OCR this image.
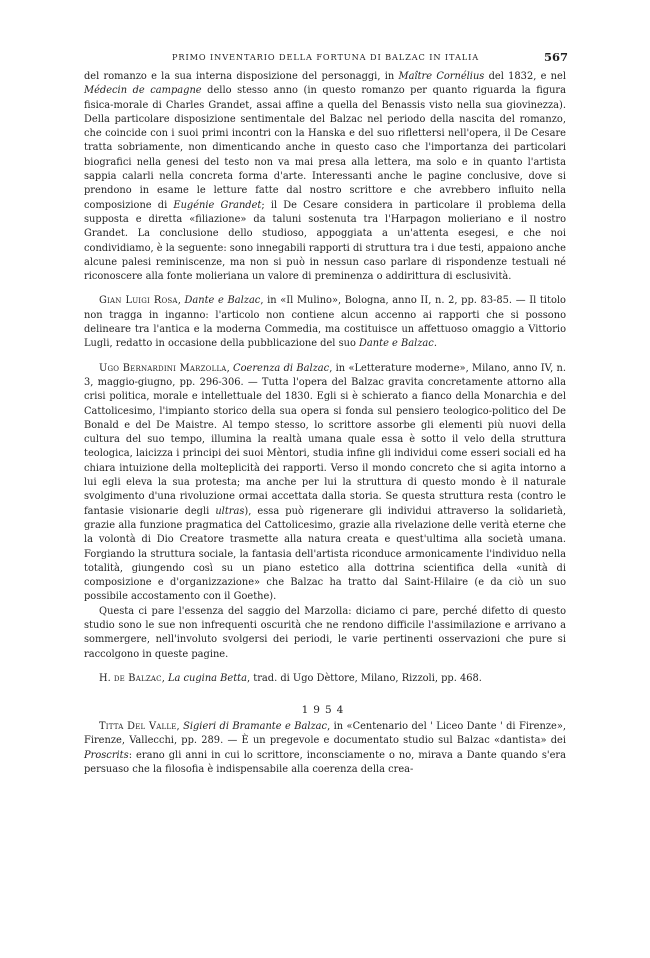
PRIMO INVENTARIO DELLA FORTUNA DI BALZAC IN ITALIA	567

del romanzo e la sua interna disposizione del personaggi, in Maître Cornélius del 1832, e nel Médecin de campagne dello stesso anno (in questo romanzo per quanto riguarda la figura fisica-morale di Charles Grandet, assai affine a quella del Benassis visto nella sua giovinezza). Della particolare disposizione sentimentale del Balzac nel periodo della nascita del romanzo, che coincide con i suoi primi incontri con la Hanska e del suo riflettersi nell'opera, il De Cesare tratta sobriamente, non dimenticando anche in questo caso che l'importanza dei particolari biografici nella genesi del testo non va mai presa alla lettera, ma solo e in quanto l'artista sappia calarli nella concreta forma d'arte. Interessanti anche le pagine conclusive, dove si prendono in esame le letture fatte dal nostro scrittore e che avrebbero influito nella composizione di Eugénie Grandet; il De Cesare considera in particolare il problema della supposta e diretta «filiazione» da taluni sostenuta tra l'Harpagon molieriano e il nostro Grandet. La conclusione dello studioso, appoggiata a un'attenta esegesi, e che noi condividiamo, è la seguente: sono innegabili rapporti di struttura tra i due testi, appaiono anche alcune palesi reminiscenze, ma non si può in nessun caso parlare di rispondenze testuali né riconoscere alla fonte molieriana un valore di preminenza o addirittura di esclusività.

Gian Luigi Rosa, Dante e Balzac, in «Il Mulino», Bologna, anno II, n. 2, pp. 83-85. — Il titolo non tragga in inganno: l'articolo non contiene alcun accenno ai rapporti che si possono delineare tra l'antica e la moderna Commedia, ma costituisce un affettuoso omaggio a Vittorio Lugli, redatto in occasione della pubblicazione del suo Dante e Balzac.

Ugo Bernardini Marzolla, Coerenza di Balzac, in «Letterature moderne», Milano, anno IV, n. 3, maggio-giugno, pp. 296-306. — Tutta l'opera del Balzac gravita concretamente attorno alla crisi politica, morale e intellettuale del 1830. Egli si è schierato a fianco della Monarchia e del Cattolicesimo, l'impianto storico della sua opera si fonda sul pensiero teologico-politico del De Bonald e del De Maistre. Al tempo stesso, lo scrittore assorbe gli elementi più nuovi della cultura del suo tempo, illumina la realtà umana quale essa è sotto il velo della struttura teologica, laicizza i principi dei suoi Mèntori, studia infine gli individui come esseri sociali ed ha chiara intuizione della molteplicità dei rapporti. Verso il mondo concreto che si agita intorno a lui egli eleva la sua protesta; ma anche per lui la struttura di questo mondo è il naturale svolgimento d'una rivoluzione ormai accettata dalla storia. Se questa struttura resta (contro le fantasie visionarie degli ultras), essa può rigenerare gli individui attraverso la solidarietà, grazie alla funzione pragmatica del Cattolicesimo, grazie alla rivelazione delle verità eterne che la volontà di Dio Creatore trasmette alla natura creata e quest'ultima alla società umana. Forgiando la struttura sociale, la fantasia dell'artista riconduce armonicamente l'individuo nella totalità, giungendo così su un piano estetico alla dottrina scientifica della «unità di composizione e d'organizzazione» che Balzac ha tratto dal Saint-Hilaire (e da ciò un suo possibile accostamento con il Goethe).

Questa ci pare l'essenza del saggio del Marzolla: diciamo ci pare, perché difetto di questo studio sono le sue non infrequenti oscurità che ne rendono difficile l'assimilazione e arrivano a sommergere, nell'involuto svolgersi dei periodi, le varie pertinenti osservazioni che pure si raccolgono in queste pagine.

H. de Balzac, La cugina Betta, trad. di Ugo Dèttore, Milano, Rizzoli, pp. 468.

1954

Titta Del Valle, Sigieri di Bramante e Balzac, in «Centenario del ' Liceo Dante ' di Firenze», Firenze, Vallecchi, pp. 289. — È un pregevole e documentato studio sul Balzac «dantista» dei Proscrits: erano gli anni in cui lo scrittore, inconsciamente o no, mirava a Dante quando s'era persuaso che la filosofia è indispensabile alla coerenza della crea-
